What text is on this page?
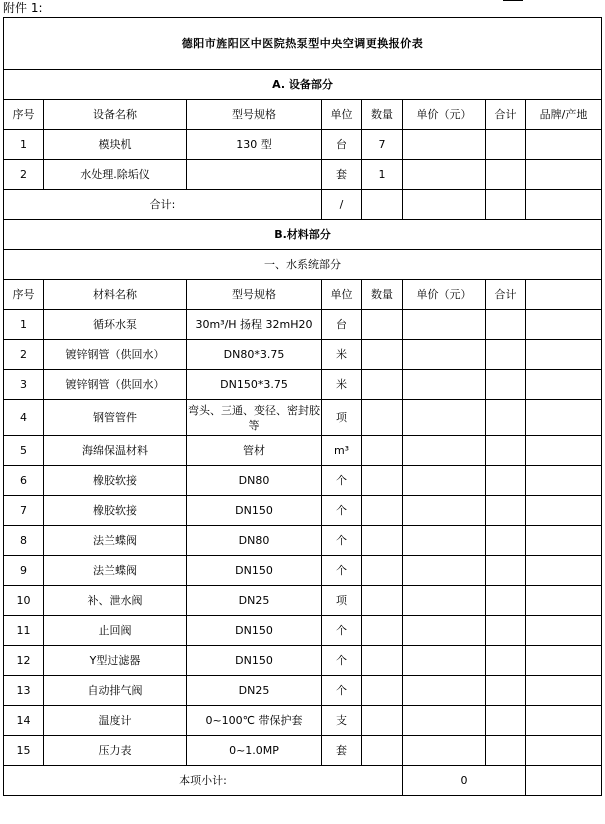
附件 1:
德阳市旌阳区中医院热泵型中央空调更换报价表							
A. 设备部分							
序号	设备名称	型号规格	单位	数量	单价（元）	合计	品牌/产地
1	模块机	130 型	台	7			
2	水处理.除垢仪		套	1			
合计:			/				
B.材料部分							
一、水系统部分							
序号	材料名称	型号规格	单位	数量	单价（元）	合计	
1	循环水泵	30m³/H 扬程 32mH20	台				
2	镀锌钢管（供回水）	DN80*3.75	米				
3	镀锌钢管（供回水）	DN150*3.75	米				
4	钢管管件	弯头、三通、变径、密封胶等	项				
5	海绵保温材料	管材	m³				
6	橡胶软接	DN80	个				
7	橡胶软接	DN150	个				
8	法兰蝶阀	DN80	个				
9	法兰蝶阀	DN150	个				
10	补、泄水阀	DN25	项				
11	止回阀	DN150	个				
12	Y型过滤器	DN150	个				
13	自动排气阀	DN25	个				
14	温度计	0~100℃ 带保护套	支				
15	压力表	0~1.0MP	套				
本项小计:					0		
